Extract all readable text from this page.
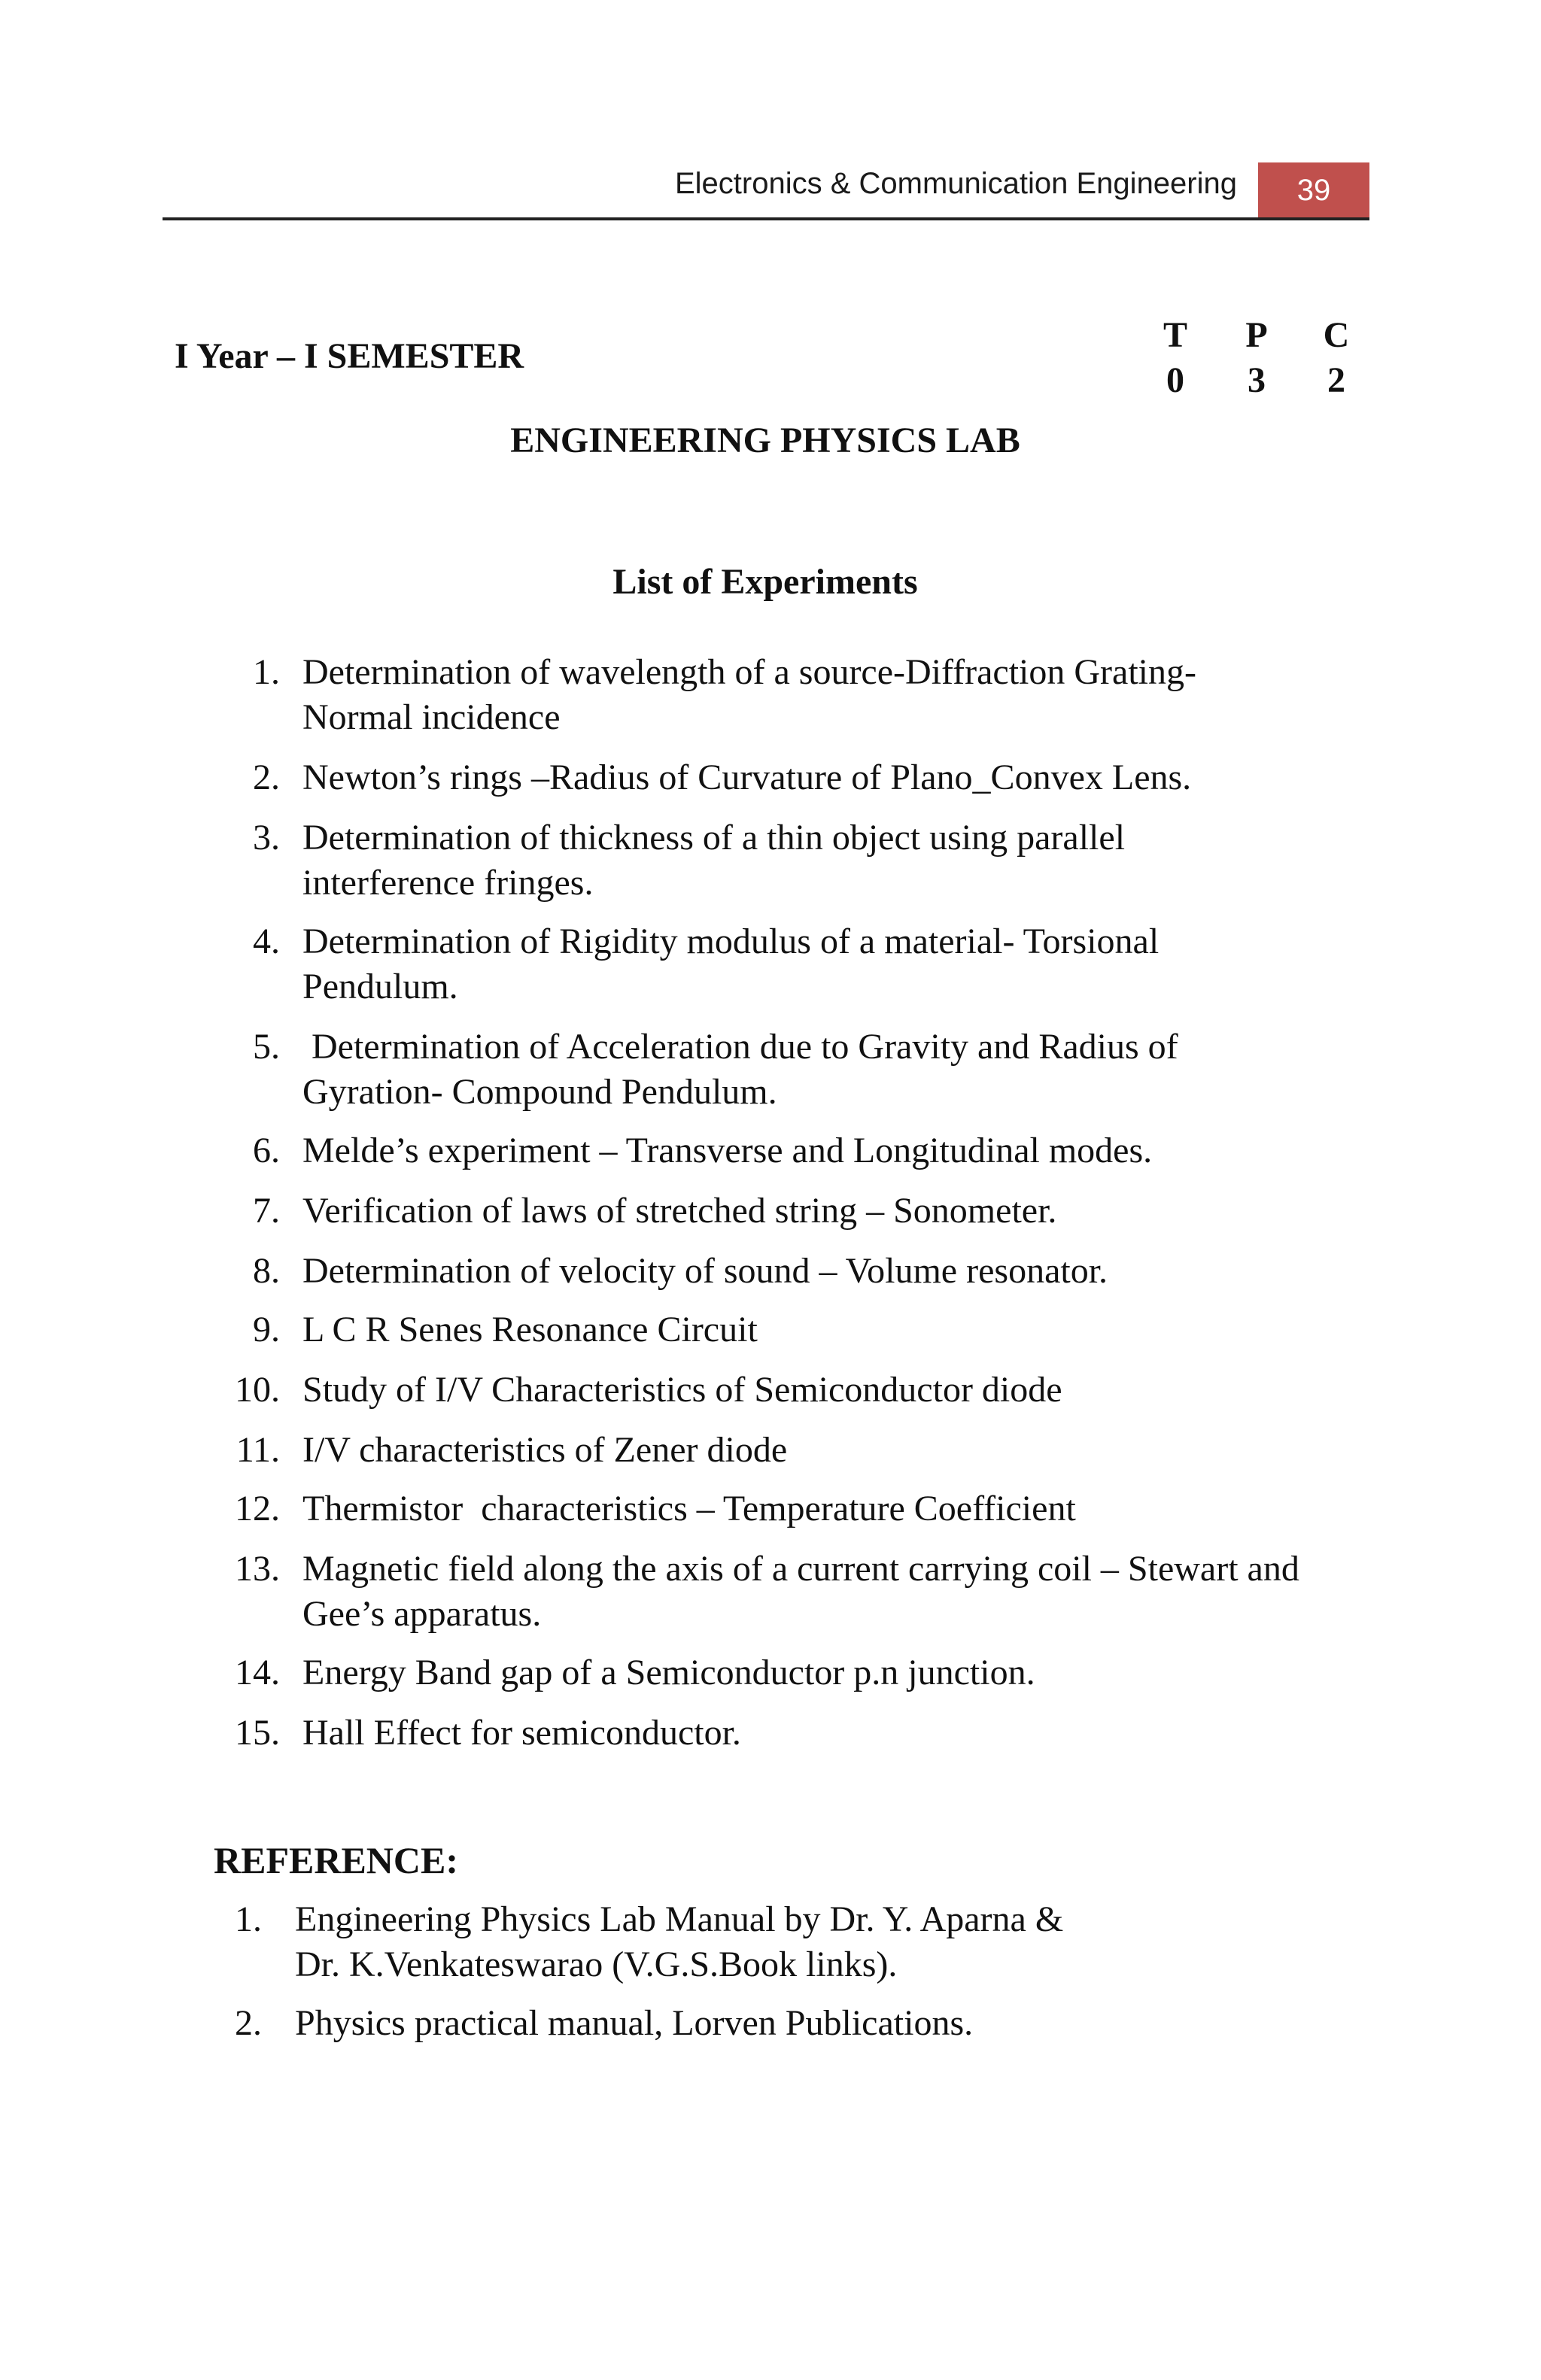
Electronics & Communication Engineering	39
I Year – I SEMESTER
T
0
P
3
C
2
ENGINEERING PHYSICS LAB
List of Experiments
1. Determination of wavelength of a source-Diffraction Grating-
Normal incidence
2. Newton’s rings –Radius of Curvature of Plano_Convex Lens.
3. Determination of thickness of a thin object using parallel
interference fringes.
4. Determination of Rigidity modulus of a material- Torsional
Pendulum.
5. Determination of Acceleration due to Gravity and Radius of
Gyration- Compound Pendulum.
6. Melde’s experiment – Transverse and Longitudinal modes.
7. Verification of laws of stretched string – Sonometer.
8. Determination of velocity of sound – Volume resonator.
9. L C R Senes Resonance Circuit
10. Study of I/V Characteristics of Semiconductor diode
11. I/V characteristics of Zener diode
12. Thermistor  characteristics – Temperature Coefficient
13. Magnetic field along the axis of a current carrying coil – Stewart and
Gee’s apparatus.
14. Energy Band gap of a Semiconductor p.n junction.
15. Hall Effect for semiconductor.
REFERENCE:
1. Engineering Physics Lab Manual by Dr. Y. Aparna &
Dr. K.Venkateswarao (V.G.S.Book links).
2. Physics practical manual, Lorven Publications.
